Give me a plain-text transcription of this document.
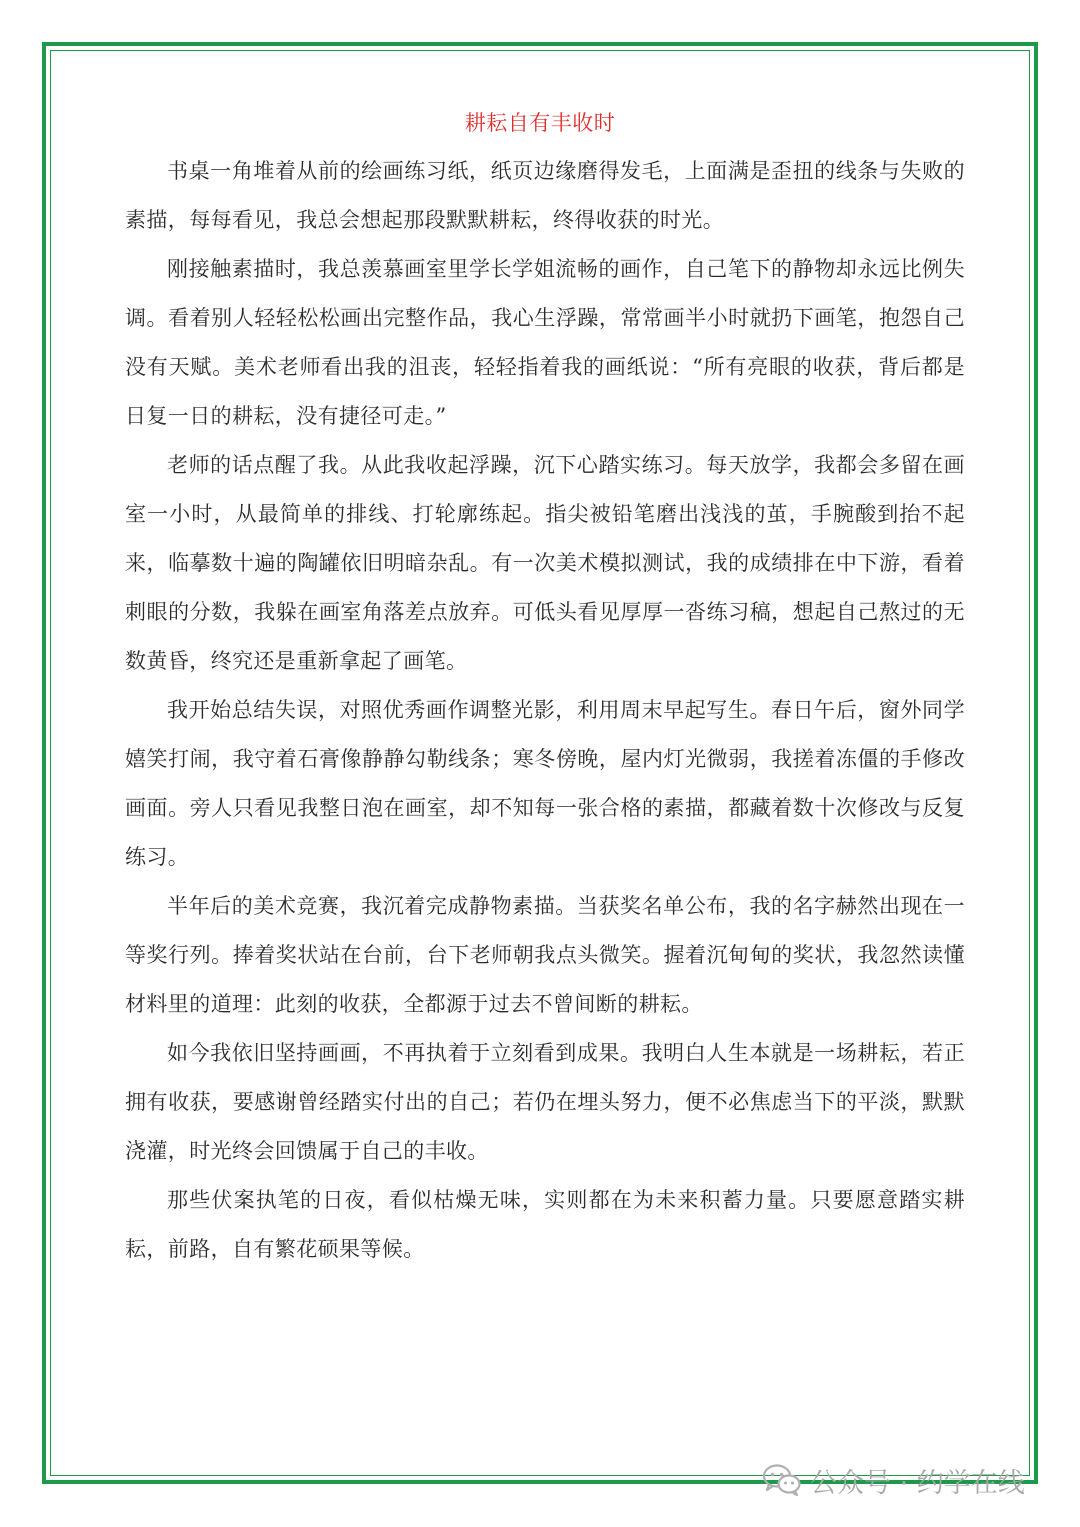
耕耘自有丰收时

书桌一角堆着从前的绘画练习纸，纸页边缘磨得发毛，上面满是歪扭的线条与失败的素描，每每看见，我总会想起那段默默耕耘，终得收获的时光。

刚接触素描时，我总羡慕画室里学长学姐流畅的画作，自己笔下的静物却永远比例失调。看着别人轻轻松松画出完整作品，我心生浮躁，常常画半小时就扔下画笔，抱怨自己没有天赋。美术老师看出我的沮丧，轻轻指着我的画纸说：“所有亮眼的收获，背后都是日复一日的耕耘，没有捷径可走。”

老师的话点醒了我。从此我收起浮躁，沉下心踏实练习。每天放学，我都会多留在画室一小时，从最简单的排线、打轮廓练起。指尖被铅笔磨出浅浅的茧，手腕酸到抬不起来，临摹数十遍的陶罐依旧明暗杂乱。有一次美术模拟测试，我的成绩排在中下游，看着刺眼的分数，我躲在画室角落差点放弃。可低头看见厚厚一沓练习稿，想起自己熬过的无数黄昏，终究还是重新拿起了画笔。

我开始总结失误，对照优秀画作调整光影，利用周末早起写生。春日午后，窗外同学嬉笑打闹，我守着石膏像静静勾勒线条；寒冬傍晚，屋内灯光微弱，我搓着冻僵的手修改画面。旁人只看见我整日泡在画室，却不知每一张合格的素描，都藏着数十次修改与反复练习。

半年后的美术竞赛，我沉着完成静物素描。当获奖名单公布，我的名字赫然出现在一等奖行列。捧着奖状站在台前，台下老师朝我点头微笑。握着沉甸甸的奖状，我忽然读懂材料里的道理：此刻的收获，全都源于过去不曾间断的耕耘。

如今我依旧坚持画画，不再执着于立刻看到成果。我明白人生本就是一场耕耘，若正拥有收获，要感谢曾经踏实付出的自己；若仍在埋头努力，便不必焦虑当下的平淡，默默浇灌，时光终会回馈属于自己的丰收。

那些伏案执笔的日夜，看似枯燥无味，实则都在为未来积蓄力量。只要愿意踏实耕耘，前路，自有繁花硕果等候。

公众号 · 约学在线
